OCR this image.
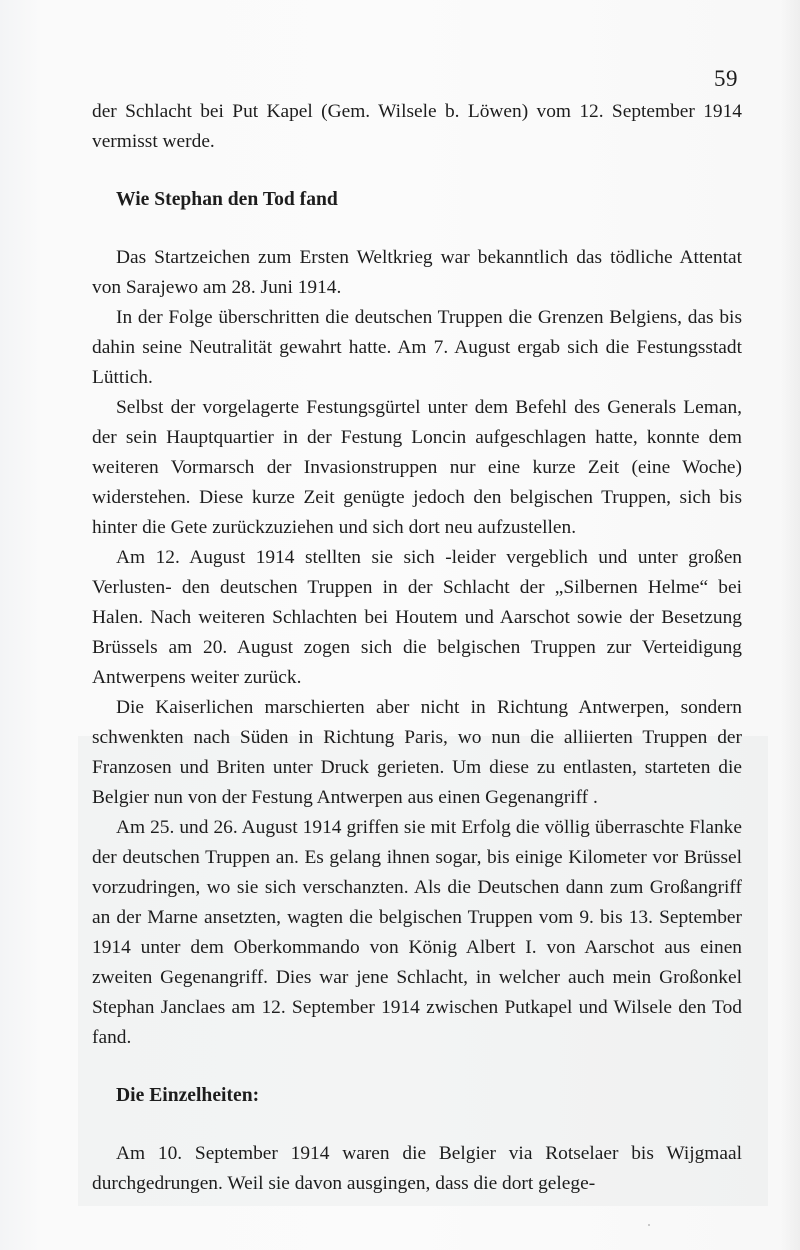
59

der Schlacht bei Put Kapel (Gem. Wilsele b. Löwen) vom 12. September 1914 vermisst werde.

Wie Stephan den Tod fand

Das Startzeichen zum Ersten Weltkrieg war bekanntlich das tödliche Attentat von Sarajewo am 28. Juni 1914.

In der Folge überschritten die deutschen Truppen die Grenzen Belgiens, das bis dahin seine Neutralität gewahrt hatte. Am 7. August ergab sich die Festungsstadt Lüttich.

Selbst der vorgelagerte Festungsgürtel unter dem Befehl des Generals Leman, der sein Hauptquartier in der Festung Loncin aufgeschlagen hatte, konnte dem weiteren Vormarsch der Invasionstruppen nur eine kurze Zeit (eine Woche) widerstehen. Diese kurze Zeit genügte jedoch den belgischen Truppen, sich bis hinter die Gete zurückzuziehen und sich dort neu aufzustellen.

Am 12. August 1914 stellten sie sich -leider vergeblich und unter großen Verlusten- den deutschen Truppen in der Schlacht der „Silbernen Helme“ bei Halen. Nach weiteren Schlachten bei Houtem und Aarschot sowie der Besetzung Brüssels am 20. August zogen sich die belgischen Truppen zur Verteidigung Antwerpens weiter zurück.

Die Kaiserlichen marschierten aber nicht in Richtung Antwerpen, sondern schwenkten nach Süden in Richtung Paris, wo nun die alliierten Truppen der Franzosen und Briten unter Druck gerieten. Um diese zu entlasten, starteten die Belgier nun von der Festung Antwerpen aus einen Gegenangriff .

Am 25. und 26. August 1914 griffen sie mit Erfolg die völlig überraschte Flanke der deutschen Truppen an. Es gelang ihnen sogar, bis einige Kilometer vor Brüssel vorzudringen, wo sie sich verschanzten. Als die Deutschen dann zum Großangriff an der Marne ansetzten, wagten die belgischen Truppen vom 9. bis 13. September 1914 unter dem Oberkommando von König Albert I. von Aarschot aus einen zweiten Gegenangriff. Dies war jene Schlacht, in welcher auch mein Großonkel Stephan Janclaes am 12. September 1914 zwischen Putkapel und Wilsele den Tod fand.

Die Einzelheiten:

Am 10. September 1914 waren die Belgier via Rotselaer bis Wijgmaal durchgedrungen. Weil sie davon ausgingen, dass die dort gelege-
